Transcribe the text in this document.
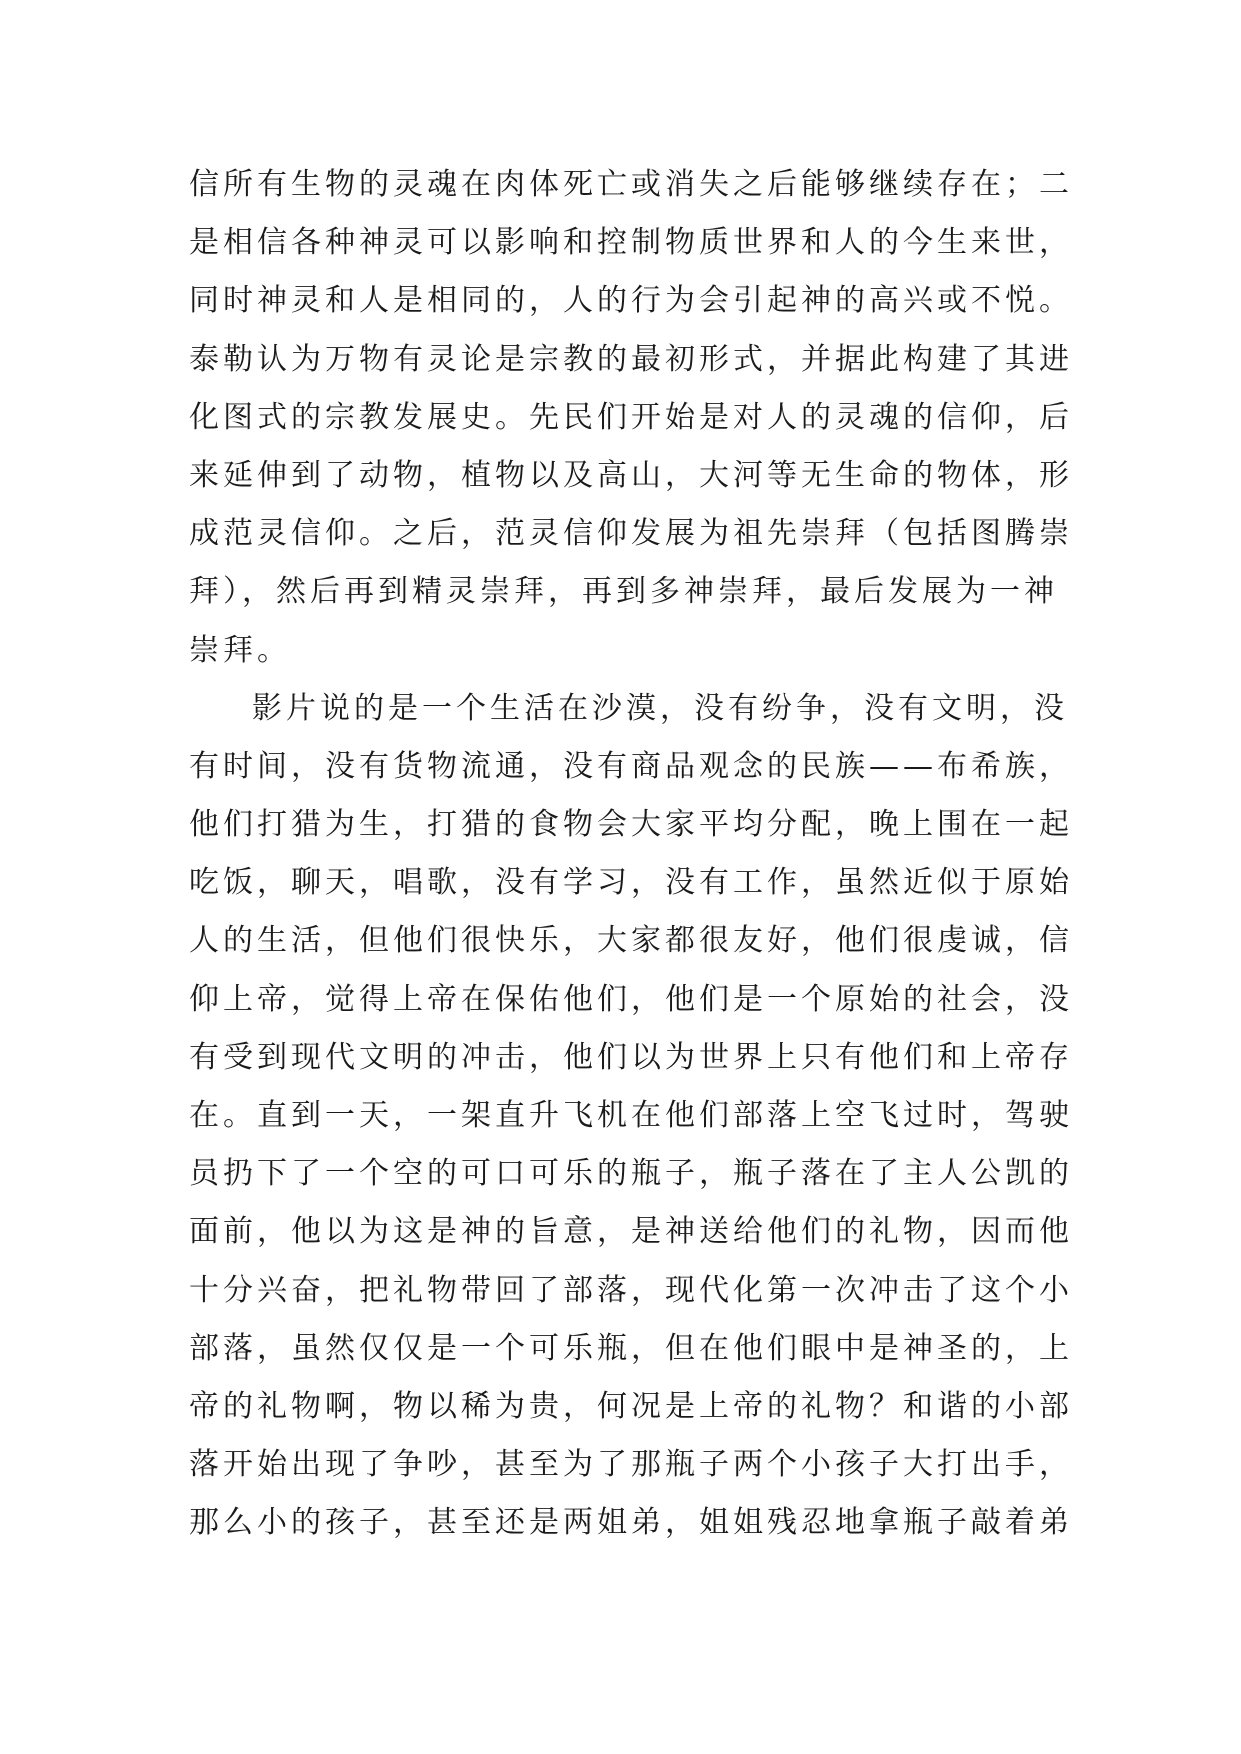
信所有生物的灵魂在肉体死亡或消失之后能够继续存在；二
是相信各种神灵可以影响和控制物质世界和人的今生来世，
同时神灵和人是相同的，人的行为会引起神的高兴或不悦。
泰勒认为万物有灵论是宗教的最初形式，并据此构建了其进
化图式的宗教发展史。先民们开始是对人的灵魂的信仰，后
来延伸到了动物，植物以及高山，大河等无生命的物体，形
成范灵信仰。之后，范灵信仰发展为祖先崇拜（包括图腾崇
拜），然后再到精灵崇拜，再到多神崇拜，最后发展为一神
崇拜。
影片说的是一个生活在沙漠，没有纷争，没有文明，没
有时间，没有货物流通，没有商品观念的民族——布希族，
他们打猎为生，打猎的食物会大家平均分配，晚上围在一起
吃饭，聊天，唱歌，没有学习，没有工作，虽然近似于原始
人的生活，但他们很快乐，大家都很友好，他们很虔诚，信
仰上帝，觉得上帝在保佑他们，他们是一个原始的社会，没
有受到现代文明的冲击，他们以为世界上只有他们和上帝存
在。直到一天，一架直升飞机在他们部落上空飞过时，驾驶
员扔下了一个空的可口可乐的瓶子，瓶子落在了主人公凯的
面前，他以为这是神的旨意，是神送给他们的礼物，因而他
十分兴奋，把礼物带回了部落，现代化第一次冲击了这个小
部落，虽然仅仅是一个可乐瓶，但在他们眼中是神圣的，上
帝的礼物啊，物以稀为贵，何况是上帝的礼物？和谐的小部
落开始出现了争吵，甚至为了那瓶子两个小孩子大打出手，
那么小的孩子，甚至还是两姐弟，姐姐残忍地拿瓶子敲着弟
